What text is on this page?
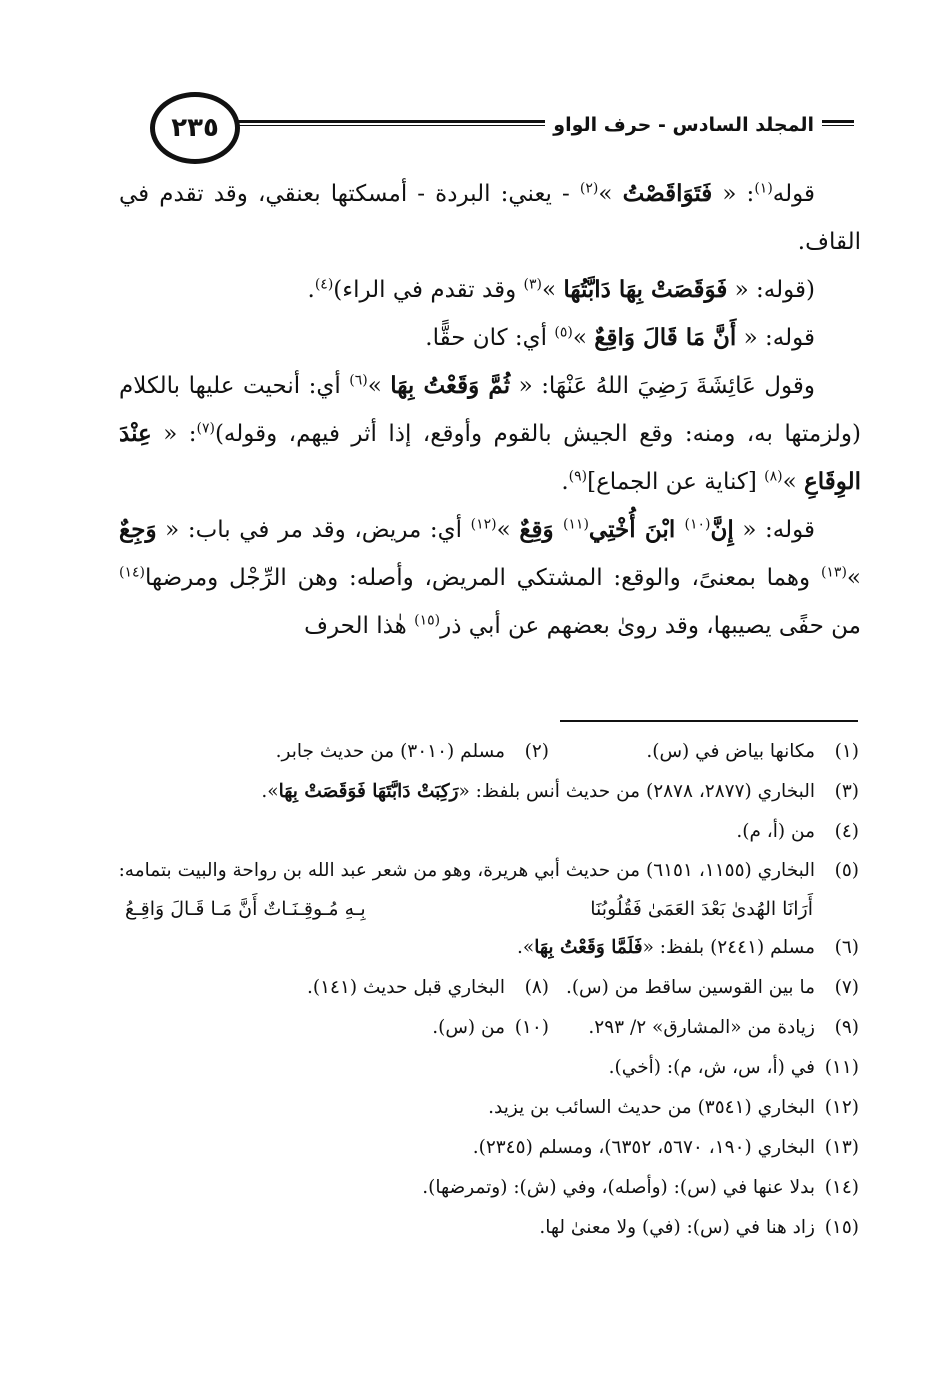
المجلد السادس - حرف الواو
٢٣٥

قوله$^{(١)}$: « فَتَوَاقَصْتُ »$^{(٢)}$ - يعني: البردة - أمسكتها بعنقي، وقد تقدم في القاف.

(قوله: « فَوَقَصَتْ بِهَا دَابَّتُهَا »$^{(٣)}$ وقد تقدم في الراء)$^{(٤)}$.

قوله: « أَنَّ مَا قَالَ وَاقِعٌ »$^{(٥)}$ أي: كان حقًّا.

وقول عَائِشَةَ رَضِيَ اللهُ عَنْهَا: « ثُمَّ وَقَعْتُ بِهَا »$^{(٦)}$ أي: أنحيت عليها بالكلام (ولزمتها به، ومنه: وقع الجيش بالقوم وأوقع، إذا أثر فيهم، وقوله)$^{(٧)}$: « عِنْدَ الوِقَاعِ »$^{(٨)}$ [كناية عن الجماع]$^{(٩)}$.

قوله: « إِنَّ$^{(١٠)}$ ابْنَ أُخْتِي$^{(١١)}$ وَقِعٌ »$^{(١٢)}$ أي: مريض، وقد مر في باب: « وَجِعٌ »$^{(١٣)}$ وهما بمعنىً، والوقع: المشتكي المريض، وأصله: وهن الرِّجْل ومرضها$^{(١٤)}$ من حفًى يصيبها، وقد روىٰ بعضهم عن أبي ذر$^{(١٥)}$ هٰذا الحرف

(١)مكانها بياض في (س).
(٢)مسلم (٣٠١٠) من حديث جابر.
(٣)
البخاري (٢٨٧٧، ٢٨٧٨) من حديث أنس بلفظ: «
رَكِبَتْ دَابَّتَهَا فَوَقَصَتْ بِهَا
».
(٤)
من (أ، م).
(٥)
البخاري (١١٥٥، ٦١٥١) من حديث أبي هريرة، وهو من شعر عبد الله بن رواحة والبيت بتمامه:
أَرَانَا الهُدىٰ بَعْدَ العَمَىٰ فَقُلُوبُنَا
بِـهِ مُـوقِـنَـاتٌ أَنَّ مَـا قَـالَ وَاقِـعُ
(٦)
مسلم (٢٤٤١) بلفظ: «
فَلَمَّا وَقَعْتُ بِهَا
».
(٧)ما بين القوسين ساقط من (س).
(٨)البخاري قبل حديث (١٤١).
(٩)زيادة من «المشارق» ٢/ ٢٩٣.
(١٠)من (س).
(١١)
في (أ، س، ش، م): (أخي).
(١٢)
البخاري (٣٥٤١) من حديث السائب بن يزيد.
(١٣)
البخاري (١٩٠، ٥٦٧٠، ٦٣٥٢)، ومسلم (٢٣٤٥).
(١٤)
بدلا عنها في (س): (وأصله)، وفي (ش): (وتمرضها).
(١٥)
زاد هنا في (س): (في) ولا معنىٰ لها.
